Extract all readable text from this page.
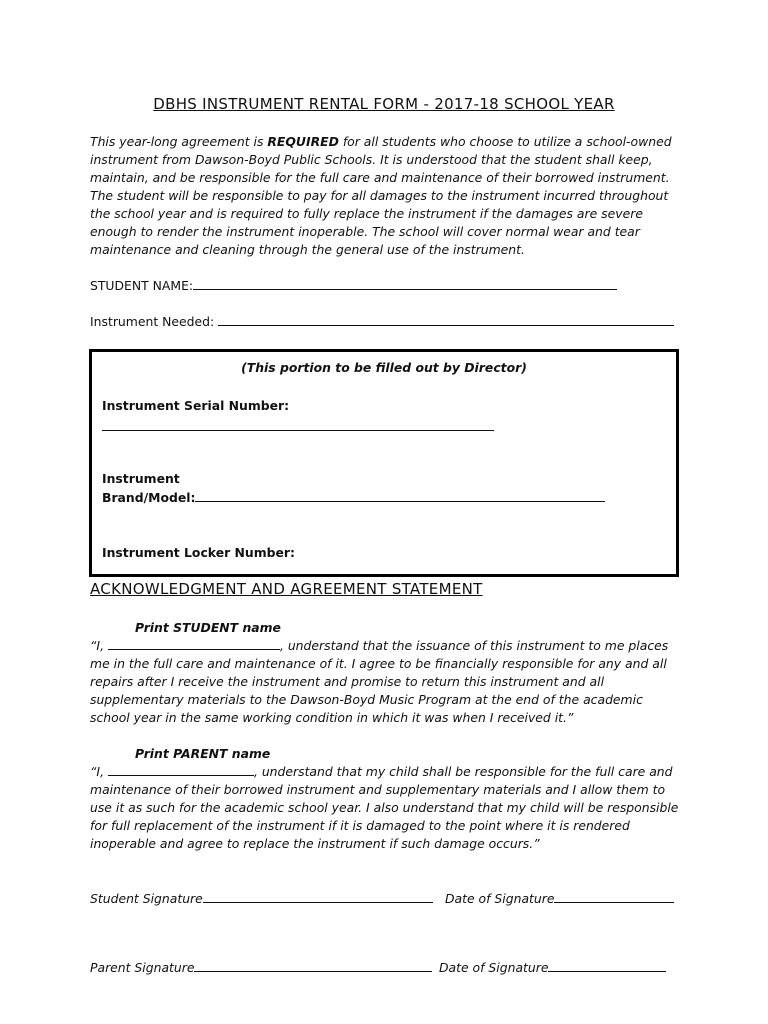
DBHS INSTRUMENT RENTAL FORM - 2017-18 SCHOOL YEAR
This year-long agreement is REQUIRED for all students who choose to utilize a school-owned instrument from Dawson-Boyd Public Schools. It is understood that the student shall keep, maintain, and be responsible for the full care and maintenance of their borrowed instrument. The student will be responsible to pay for all damages to the instrument incurred throughout the school year and is required to fully replace the instrument if the damages are severe enough to render the instrument inoperable. The school will cover normal wear and tear maintenance and cleaning through the general use of the instrument.
STUDENT NAME:
Instrument Needed:
(This portion to be filled out by Director)
Instrument Serial Number:
Instrument
Brand/Model:
Instrument Locker Number:
ACKNOWLEDGMENT AND AGREEMENT STATEMENT
Print STUDENT name
“I,	, understand that the issuance of this instrument to me places me in the full care and maintenance of it. I agree to be financially responsible for any and all repairs after I receive the instrument and promise to return this instrument and all supplementary materials to the Dawson-Boyd Music Program at the end of the academic school year in the same working condition in which it was when I received it.”
Print PARENT name
“I,	, understand that my child shall be responsible for the full care and maintenance of their borrowed instrument and supplementary materials and I allow them to use it as such for the academic school year. I also understand that my child will be responsible for full replacement of the instrument if it is damaged to the point where it is rendered inoperable and agree to replace the instrument if such damage occurs.”
Student Signature	Date of Signature
Parent Signature	Date of Signature
